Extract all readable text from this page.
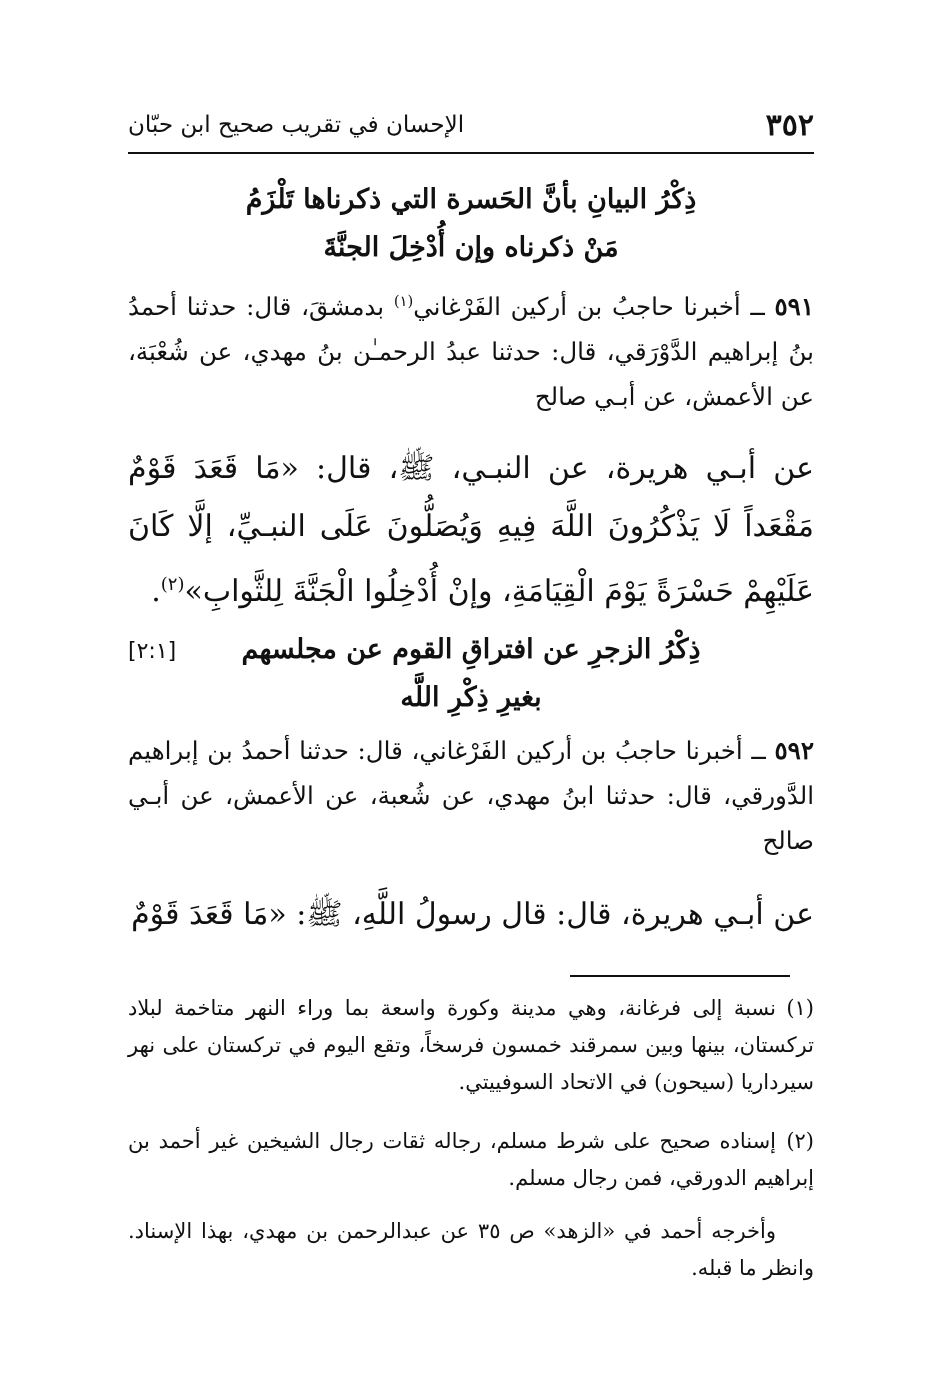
٣٥٢
الإحسان في تقريب صحيح ابن حبّان
ذِكْرُ البيانِ بأنَّ الحَسرة التي ذكرناها تَلْزَمُ
مَنْ ذكرناه وإن أُدْخِلَ الجنَّةَ
٥٩١ ــ أخبرنا حاجبُ بن أركين الفَرْغاني$^{(١)}$ بدمشقَ، قال: حدثنا أحمدُ بنُ إبراهيم الدَّوْرَقي، قال: حدثنا عبدُ الرحمـٰن بنُ مهدي، عن شُعْبَة، عن الأعمش، عن أبـي صالح
عن أبـي هريرة، عن النبـي، ﷺ، قال: «مَا قَعَدَ قَوْمٌ مَقْعَداً لَا يَذْكُرُونَ اللَّهَ فِيهِ وَيُصَلُّونَ عَلَى النبـيِّ، إلَّا كَانَ عَلَيْهِمْ حَسْرَةً يَوْمَ الْقِيَامَةِ، وإنْ أُدْخِلُوا الْجَنَّةَ لِلثَّوابِ»$^{(٢)}$.
[٢:١]	ذِكْرُ الزجرِ عن افتراقِ القوم عن مجلسهم
بغيرِ ذِكْرِ اللَّه
٥٩٢ ــ أخبرنا حاجبُ بن أركين الفَرْغاني، قال: حدثنا أحمدُ بن إبراهيم الدَّورقي، قال: حدثنا ابنُ مهدي، عن شُعبة، عن الأعمش، عن أبـي صالح
عن أبـي هريرة، قال: قال رسولُ اللَّهِ، ﷺ: «مَا قَعَدَ قَوْمٌ
(١)نسبة إلى فرغانة، وهي مدينة وكورة واسعة بما وراء النهر متاخمة لبلاد تركستان، بينها وبين سمرقند خمسون فرسخاً، وتقع اليوم في تركستان على نهر سيرداريا (سيحون) في الاتحاد السوفييتي.
(٢)إسناده صحيح على شرط مسلم، رجاله ثقات رجال الشيخين غير أحمد بن إبراهيم الدورقي، فمن رجال مسلم.
وأخرجه أحمد في «الزهد» ص ٣٥ عن عبدالرحمن بن مهدي، بهذا الإسناد. وانظر ما قبله.
